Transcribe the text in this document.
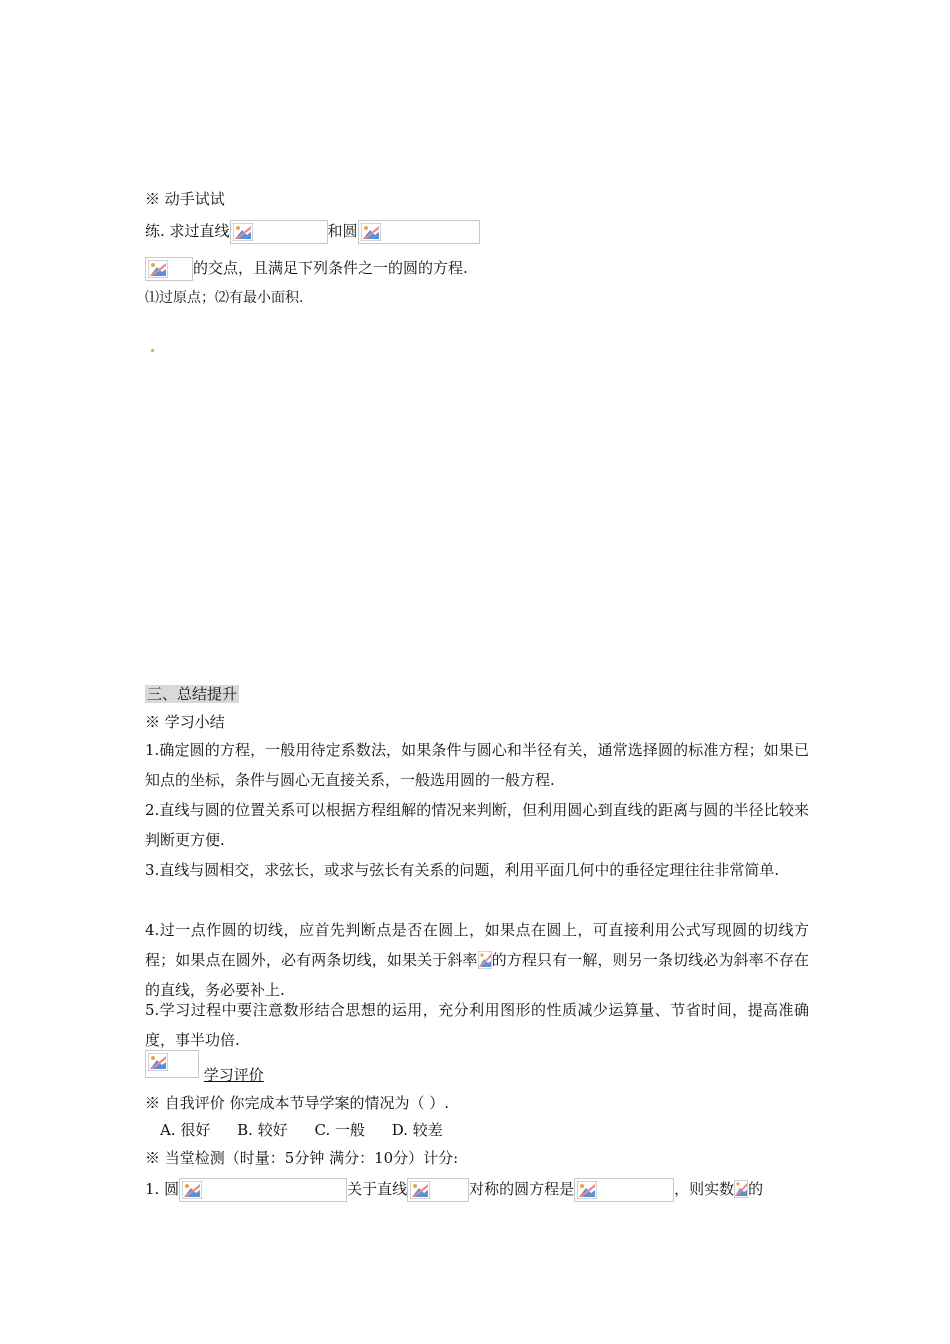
※ 动手试试
练. 求过直线	和圆
的交点，且满足下列条件之一的圆的方程.
⑴过原点；⑵有最小面积.
三、总结提升
※ 学习小结
1.确定圆的方程，一般用待定系数法，如果条件与圆心和半径有关，通常选择圆的标准方程；如果已知点的坐标，条件与圆心无直接关系，一般选用圆的一般方程.
2.直线与圆的位置关系可以根据方程组解的情况来判断，但利用圆心到直线的距离与圆的半径比较来判断更方便.
3.直线与圆相交，求弦长，或求与弦长有关系的问题，利用平面几何中的垂径定理往往非常简单.
4.过一点作圆的切线，应首先判断点是否在圆上，如果点在圆上，可直接利用公式写现圆的切线方程；如果点在圆外，必有两条切线，如果关于斜率 的方程只有一解，则另一条切线必为斜率不存在的直线，务必要补上.
5.学习过程中要注意数形结合思想的运用，充分利用图形的性质减少运算量、节省时间，提高准确度，事半功倍.
学习评价
※ 自我评价 你完成本节导学案的情况为（ ）.
A. 很好 B. 较好 C. 一般 D. 较差
※ 当堂检测（时量：5分钟 满分：10分）计分:
1. 圆	关于直线	对称的圆方程是	，则实数 的
